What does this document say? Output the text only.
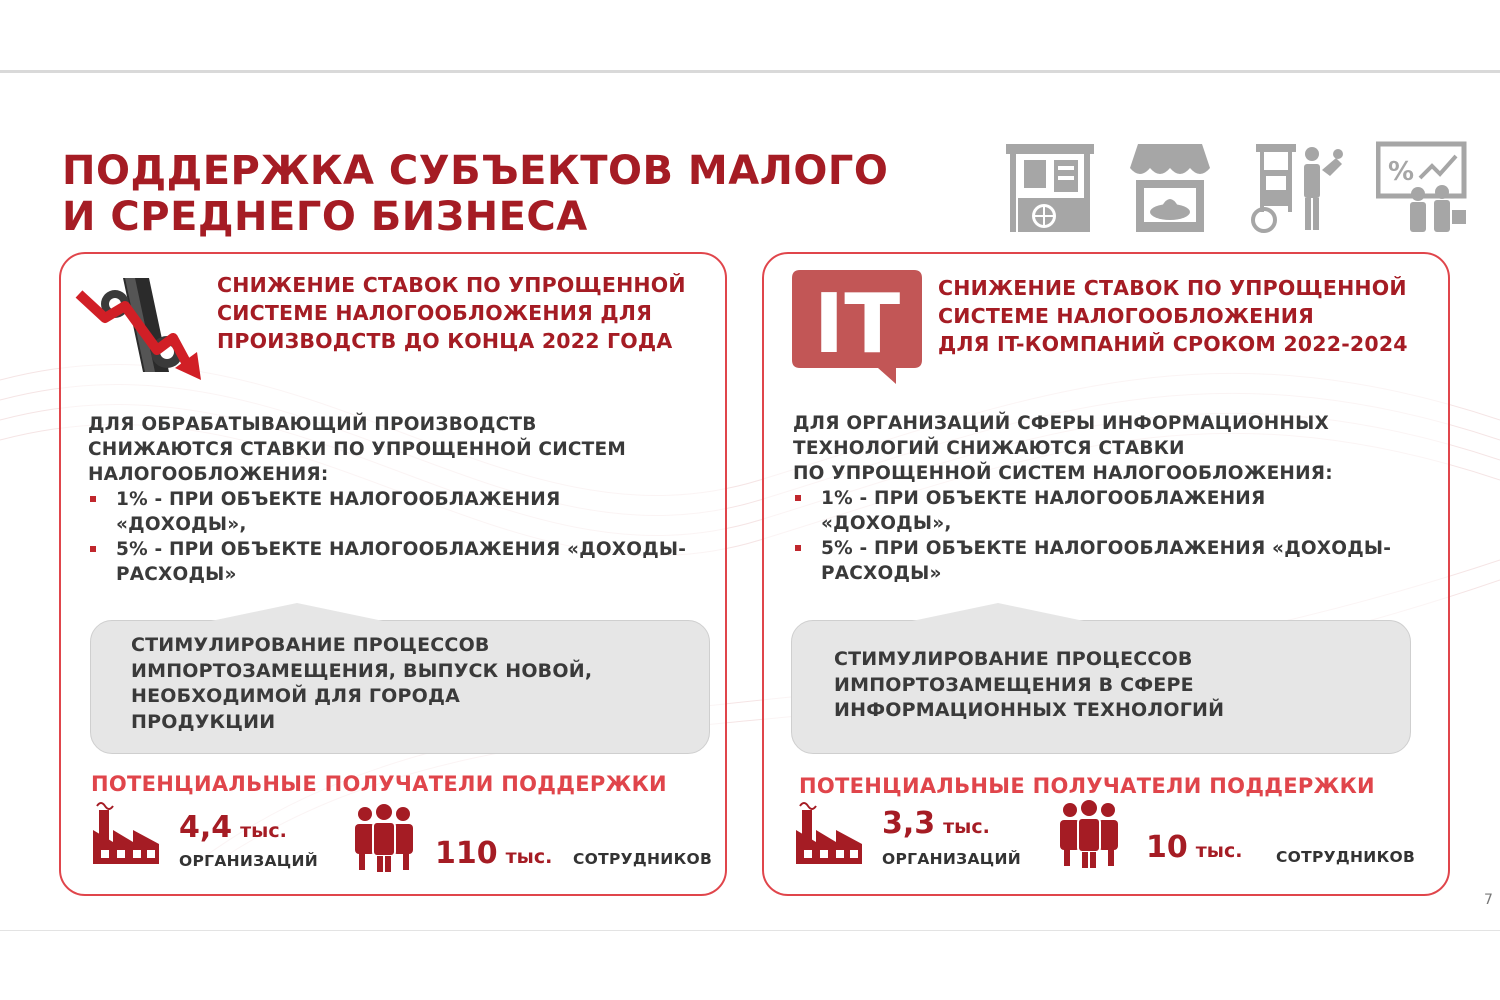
ПОДДЕРЖКА СУБЪЕКТОВ МАЛОГО
И СРЕДНЕГО БИЗНЕСА
%
СНИЖЕНИЕ СТАВОК ПО УПРОЩЕННОЙ
СИСТЕМЕ НАЛОГООБЛОЖЕНИЯ ДЛЯ
ПРОИЗВОДСТВ ДО КОНЦА 2022 ГОДА
ДЛЯ ОБРАБАТЫВАЮЩИЙ ПРОИЗВОДСТВ
СНИЖАЮТСЯ СТАВКИ ПО УПРОЩЕННОЙ СИСТЕМ
НАЛОГООБЛОЖЕНИЯ:
1% - ПРИ ОБЪЕКТЕ НАЛОГООБЛАЖЕНИЯ
«ДОХОДЫ»,
5% - ПРИ ОБЪЕКТЕ НАЛОГООБЛАЖЕНИЯ «ДОХОДЫ-
РАСХОДЫ»
СТИМУЛИРОВАНИЕ ПРОЦЕССОВ
ИМПОРТОЗАМЕЩЕНИЯ, ВЫПУСК НОВОЙ,
НЕОБХОДИМОЙ ДЛЯ ГОРОДА
ПРОДУКЦИИ
ПОТЕНЦИАЛЬНЫЕ ПОЛУЧАТЕЛИ ПОДДЕРЖКИ
4,4 тыс.
ОРГАНИЗАЦИЙ	110 тыс. СОТРУДНИКОВ
IT СНИЖЕНИЕ СТАВОК ПО УПРОЩЕННОЙ
СИСТЕМЕ НАЛОГООБЛОЖЕНИЯ
ДЛЯ IT-КОМПАНИЙ СРОКОМ 2022-2024
ДЛЯ ОРГАНИЗАЦИЙ СФЕРЫ ИНФОРМАЦИОННЫХ
ТЕХНОЛОГИЙ СНИЖАЮТСЯ СТАВКИ
ПО УПРОЩЕННОЙ СИСТЕМ НАЛОГООБЛОЖЕНИЯ:
1% - ПРИ ОБЪЕКТЕ НАЛОГООБЛАЖЕНИЯ
«ДОХОДЫ»,
5% - ПРИ ОБЪЕКТЕ НАЛОГООБЛАЖЕНИЯ «ДОХОДЫ-
РАСХОДЫ»
СТИМУЛИРОВАНИЕ ПРОЦЕССОВ
ИМПОРТОЗАМЕЩЕНИЯ В СФЕРЕ
ИНФОРМАЦИОННЫХ ТЕХНОЛОГИЙ
ПОТЕНЦИАЛЬНЫЕ ПОЛУЧАТЕЛИ ПОДДЕРЖКИ
3,3 тыс.
ОРГАНИЗАЦИЙ	10 тыс. СОТРУДНИКОВ
7
